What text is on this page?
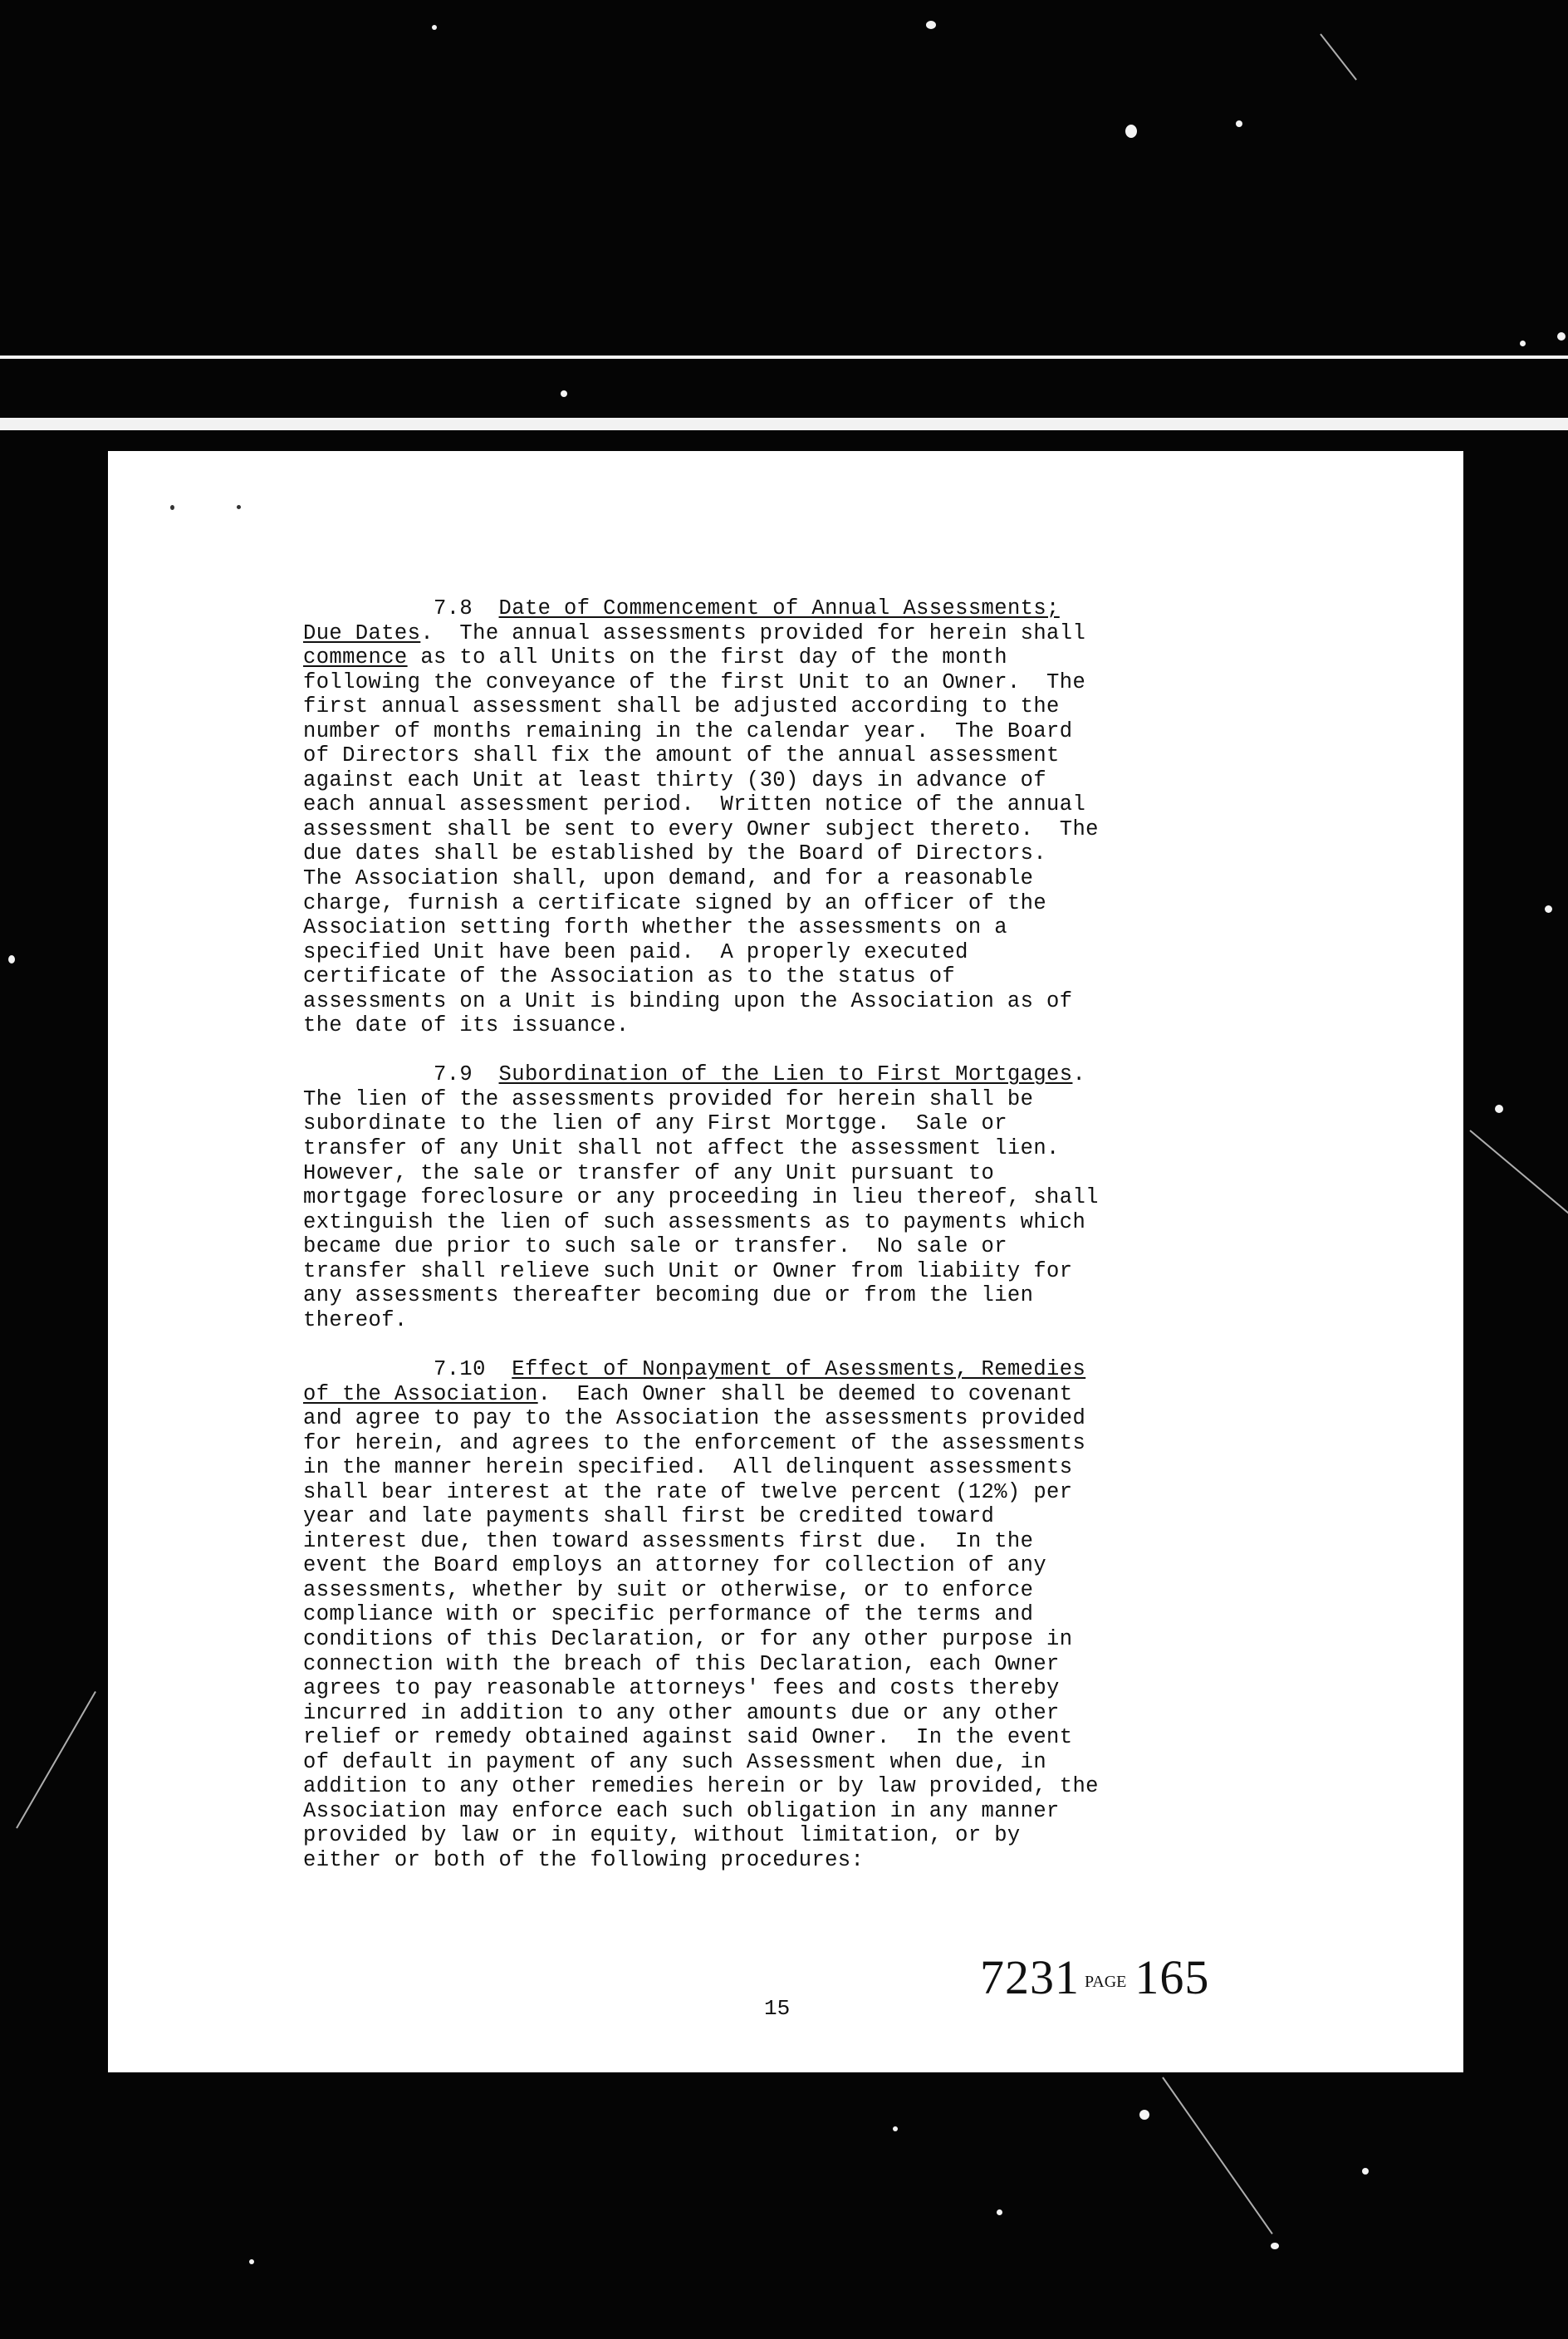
7.8  Date of Commencement of Annual Assessments;
Due Dates.  The annual assessments provided for herein shall
commence as to all Units on the first day of the month
following the conveyance of the first Unit to an Owner.  The
first annual assessment shall be adjusted according to the
number of months remaining in the calendar year.  The Board
of Directors shall fix the amount of the annual assessment
against each Unit at least thirty (30) days in advance of
each annual assessment period.  Written notice of the annual
assessment shall be sent to every Owner subject thereto.  The
due dates shall be established by the Board of Directors.
The Association shall, upon demand, and for a reasonable
charge, furnish a certificate signed by an officer of the
Association setting forth whether the assessments on a
specified Unit have been paid.  A properly executed
certificate of the Association as to the status of
assessments on a Unit is binding upon the Association as of
the date of its issuance.
7.9  Subordination of the Lien to First Mortgages.
The lien of the assessments provided for herein shall be
subordinate to the lien of any First Mortgge.  Sale or
transfer of any Unit shall not affect the assessment lien.
However, the sale or transfer of any Unit pursuant to
mortgage foreclosure or any proceeding in lieu thereof, shall
extinguish the lien of such assessments as to payments which
became due prior to such sale or transfer.  No sale or
transfer shall relieve such Unit or Owner from liabiity for
any assessments thereafter becoming due or from the lien
thereof.
7.10  Effect of Nonpayment of Asessments, Remedies
of the Association.  Each Owner shall be deemed to covenant
and agree to pay to the Association the assessments provided
for herein, and agrees to the enforcement of the assessments
in the manner herein specified.  All delinquent assessments
shall bear interest at the rate of twelve percent (12%) per
year and late payments shall first be credited toward
interest due, then toward assessments first due.  In the
event the Board employs an attorney for collection of any
assessments, whether by suit or otherwise, or to enforce
compliance with or specific performance of the terms and
conditions of this Declaration, or for any other purpose in
connection with the breach of this Declaration, each Owner
agrees to pay reasonable attorneys' fees and costs thereby
incurred in addition to any other amounts due or any other
relief or remedy obtained against said Owner.  In the event
of default in payment of any such Assessment when due, in
addition to any other remedies herein or by law provided, the
Association may enforce each such obligation in any manner
provided by law or in equity, without limitation, or by
either or both of the following procedures:
7231 PAGE 165
15
